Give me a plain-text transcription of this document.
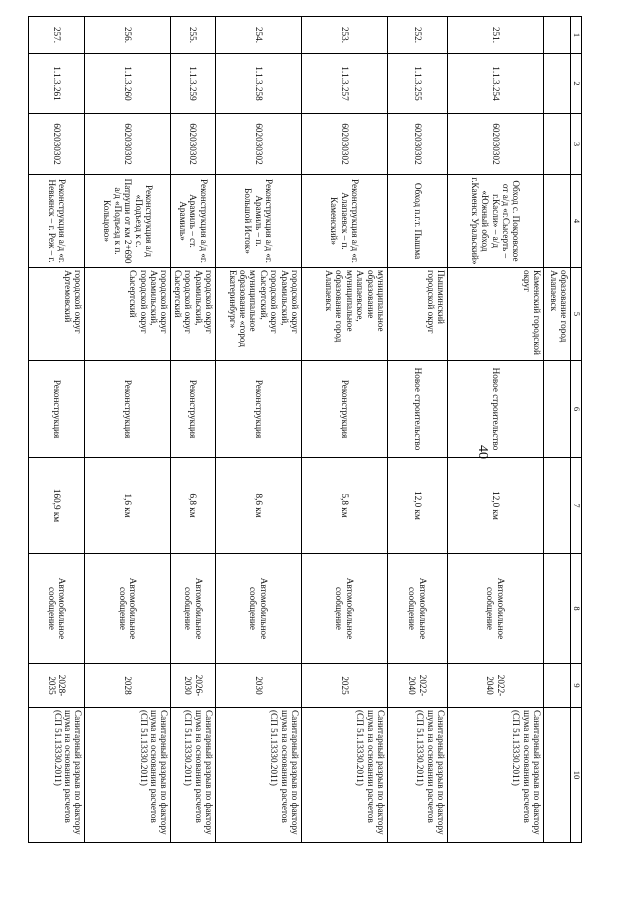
40
1	2	3	4	5	6	7	8	9	10
				образование город Алапаевск					
251.	1.1.3.254	602030302	Обход с. Покровское от а/д «г.Сысерть – г.Касли» – а/д «Южный обход г.Каменск Уральский»	Каменский городской округ	Новое строительство	12,0 км	Автомобильное сообщение	2022-2040	Санитарный разрыв по фактору шума на основании расчетов (СП 51.13330.2011)
252.	1.1.3.255	602030302	Обход п.г.т. Пышма	Пышминский городской округ	Новое строительство	12,0 км	Автомобильное сообщение	2022-2040	Санитарный разрыв по фактору шума на основании расчетов (СП 51.13330.2011)
253.	1.1.3.257	602030302	Реконструкция а/д «г. Алапаевск – п. Каменский»	муниципальное образование Алапаевское, муниципальное образование город Алапаевск	Реконструкция	5,8 км	Автомобильное сообщение	2025	Санитарный разрыв по фактору шума на основании расчетов (СП 51.13330.2011)
254.	1.1.3.258	602030302	Реконструкция а/д «г. Арамиль – п. Большой Исток»	городской округ Арамильский, городской округ Сысертский, муниципальное образование «город Екатеринбург»	Реконструкция	8,6 км	Автомобильное сообщение	2030	Санитарный разрыв по фактору шума на основании расчетов (СП 51.13330.2011)
255.	1.1.3.259	602030302	Реконструкция а/д «г. Арамиль – ст. Арамиль»	городской округ Арамильский, городской округ Сысертский	Реконструкция	6,8 км	Автомобильное сообщение	2026-2030	Санитарный разрыв по фактору шума на основании расчетов (СП 51.13330.2011)
256.	1.1.3.260	602030302	Реконструкция а/д «Подъезд к с. Патруши от км 2+690 а/д «Подъезд к п. Кольцово»	городской округ Арамильский, городской округ Сысертский	Реконструкция	1,6 км	Автомобильное сообщение	2028	Санитарный разрыв по фактору шума на основании расчетов (СП 51.13330.2011)
257.	1.1.3.261	602030302	Реконструкция а/д «г. Невьянск – г. Реж – г.	городской округ Артемовский	Реконструкция	160,9 км	Автомобильное сообщение	2028-2035	Санитарный разрыв по фактору шума на основании расчетов (СП 51.13330.2011)
